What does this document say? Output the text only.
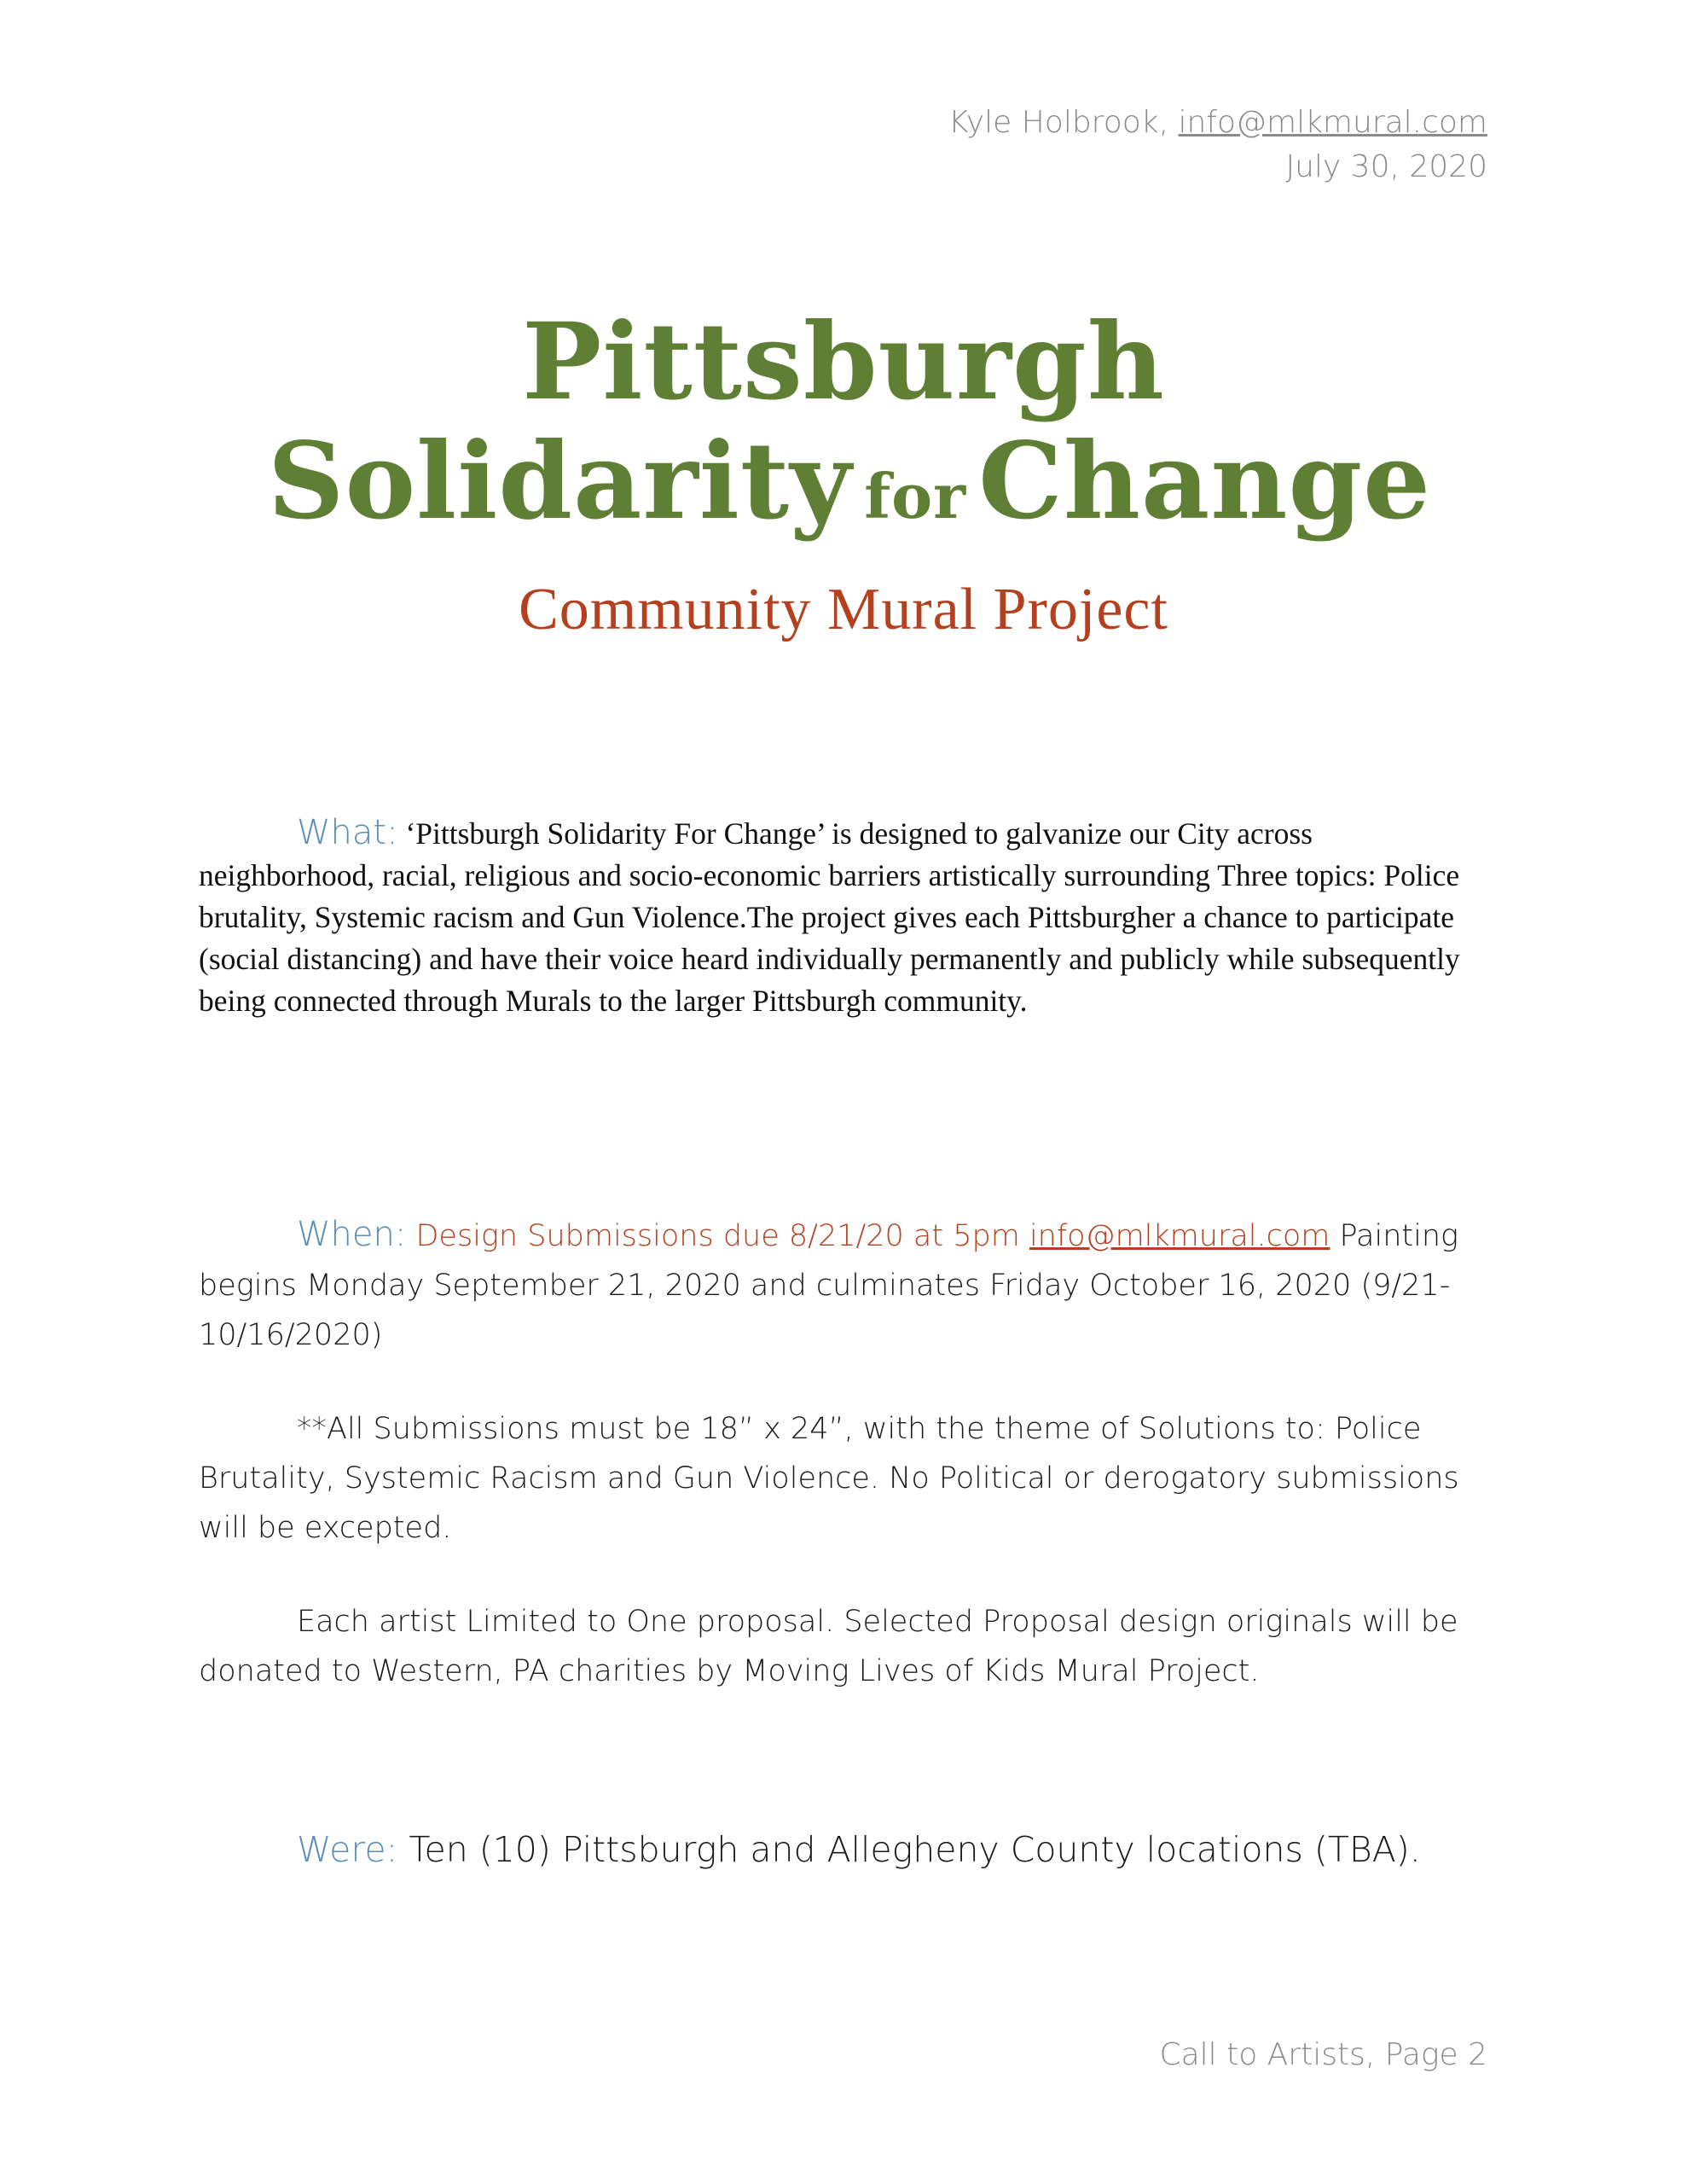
Kyle Holbrook, info@mlkmural.com
July 30, 2020
Pittsburgh
Solidarity for Change
Community Mural Project
What: ‘Pittsburgh Solidarity For Change’ is designed to galvanize our City across neighborhood, racial, religious and socio-economic barriers artistically surrounding Three topics: Police brutality, Systemic racism and Gun Violence.The project gives each Pittsburgher a chance to participate (social distancing) and have their voice heard individually permanently and publicly while subsequently being connected through Murals to the larger Pittsburgh community.
When: Design Submissions due 8/21/20 at 5pm info@mlkmural.com Painting begins Monday September 21, 2020 and culminates Friday October 16, 2020 (9/21-10/16/2020)
**All Submissions must be 18” x 24”, with the theme of Solutions to: Police Brutality, Systemic Racism and Gun Violence. No Political or derogatory submissions will be excepted.
Each artist Limited to One proposal. Selected Proposal design originals will be donated to Western, PA charities by Moving Lives of Kids Mural Project.
Were: Ten (10) Pittsburgh and Allegheny County locations (TBA).
Call to Artists, Page 2
